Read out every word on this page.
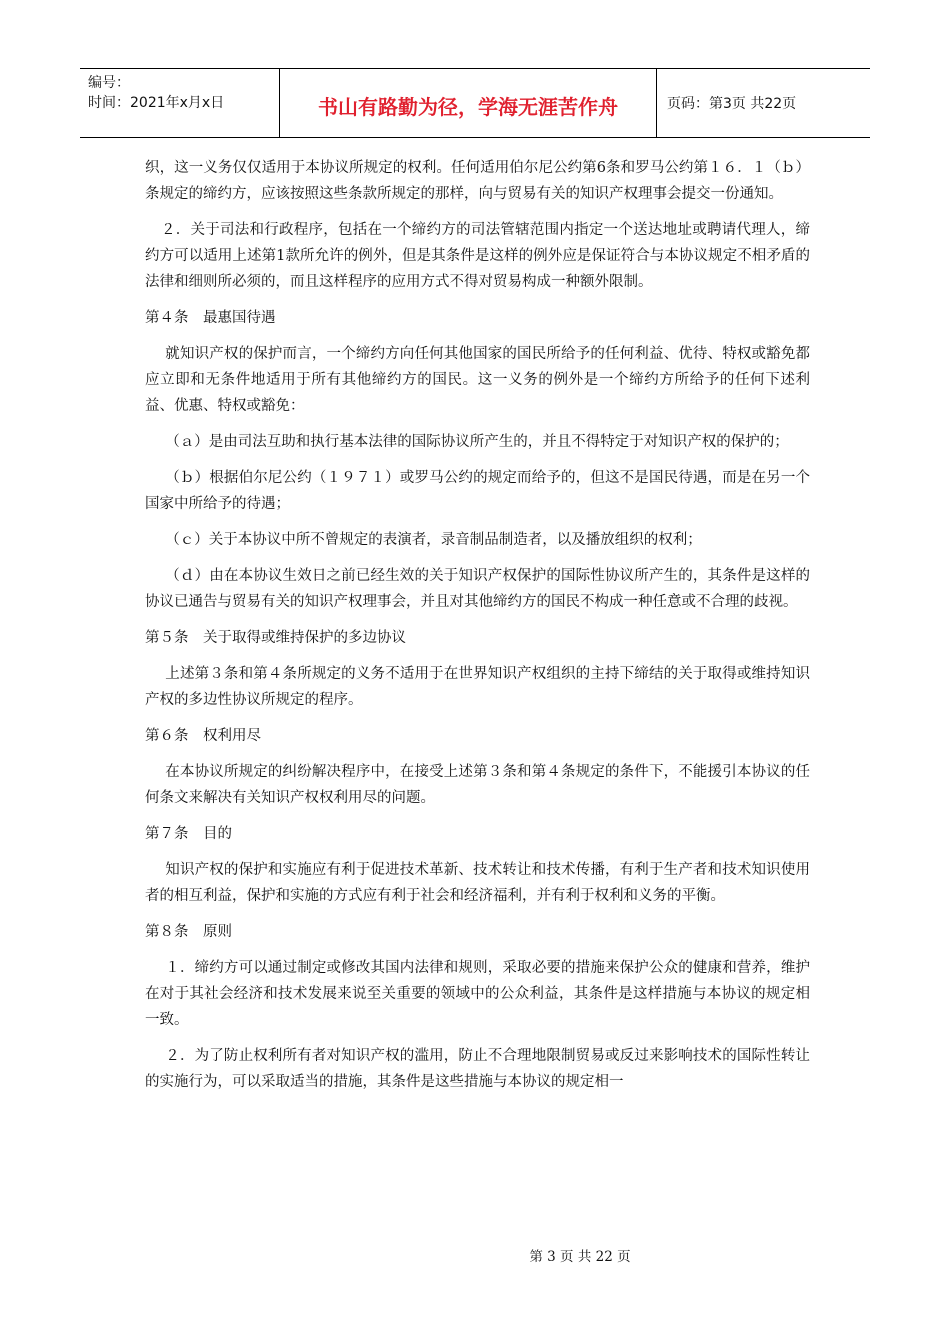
编号：
时间：2021年x月x日	书山有路勤为径，学海无涯苦作舟	页码：第3页 共22页

织，这一义务仅仅适用于本协议所规定的权利。任何适用伯尔尼公约第6条和罗马公约第１６．１（ｂ）条规定的缔约方，应该按照这些条款所规定的那样，向与贸易有关的知识产权理事会提交一份通知。

２．关于司法和行政程序，包括在一个缔约方的司法管辖范围内指定一个送达地址或聘请代理人，缔约方可以适用上述第1款所允许的例外，但是其条件是这样的例外应是保证符合与本协议规定不相矛盾的法律和细则所必须的，而且这样程序的应用方式不得对贸易构成一种额外限制。

第４条　最惠国待遇

就知识产权的保护而言，一个缔约方向任何其他国家的国民所给予的任何利益、优待、特权或豁免都应立即和无条件地适用于所有其他缔约方的国民。这一义务的例外是一个缔约方所给予的任何下述利益、优惠、特权或豁免：

（ａ）是由司法互助和执行基本法律的国际协议所产生的，并且不得特定于对知识产权的保护的；

（ｂ）根据伯尔尼公约（１９７１）或罗马公约的规定而给予的，但这不是国民待遇，而是在另一个国家中所给予的待遇；

（ｃ）关于本协议中所不曾规定的表演者，录音制品制造者，以及播放组织的权利；

（ｄ）由在本协议生效日之前已经生效的关于知识产权保护的国际性协议所产生的，其条件是这样的协议已通告与贸易有关的知识产权理事会，并且对其他缔约方的国民不构成一种任意或不合理的歧视。

第５条　关于取得或维持保护的多边协议

上述第３条和第４条所规定的义务不适用于在世界知识产权组织的主持下缔结的关于取得或维持知识产权的多边性协议所规定的程序。

第６条　权利用尽

在本协议所规定的纠纷解决程序中，在接受上述第３条和第４条规定的条件下，不能援引本协议的任何条文来解决有关知识产权权利用尽的问题。

第７条　目的

知识产权的保护和实施应有利于促进技术革新、技术转让和技术传播，有利于生产者和技术知识使用者的相互利益，保护和实施的方式应有利于社会和经济福利，并有利于权利和义务的平衡。

第８条　原则

１．缔约方可以通过制定或修改其国内法律和规则，采取必要的措施来保护公众的健康和营养，维护在对于其社会经济和技术发展来说至关重要的领域中的公众利益，其条件是这样措施与本协议的规定相一致。

２．为了防止权利所有者对知识产权的滥用，防止不合理地限制贸易或反过来影响技术的国际性转让的实施行为，可以采取适当的措施，其条件是这些措施与本协议的规定相一

第 3 页 共 22 页
